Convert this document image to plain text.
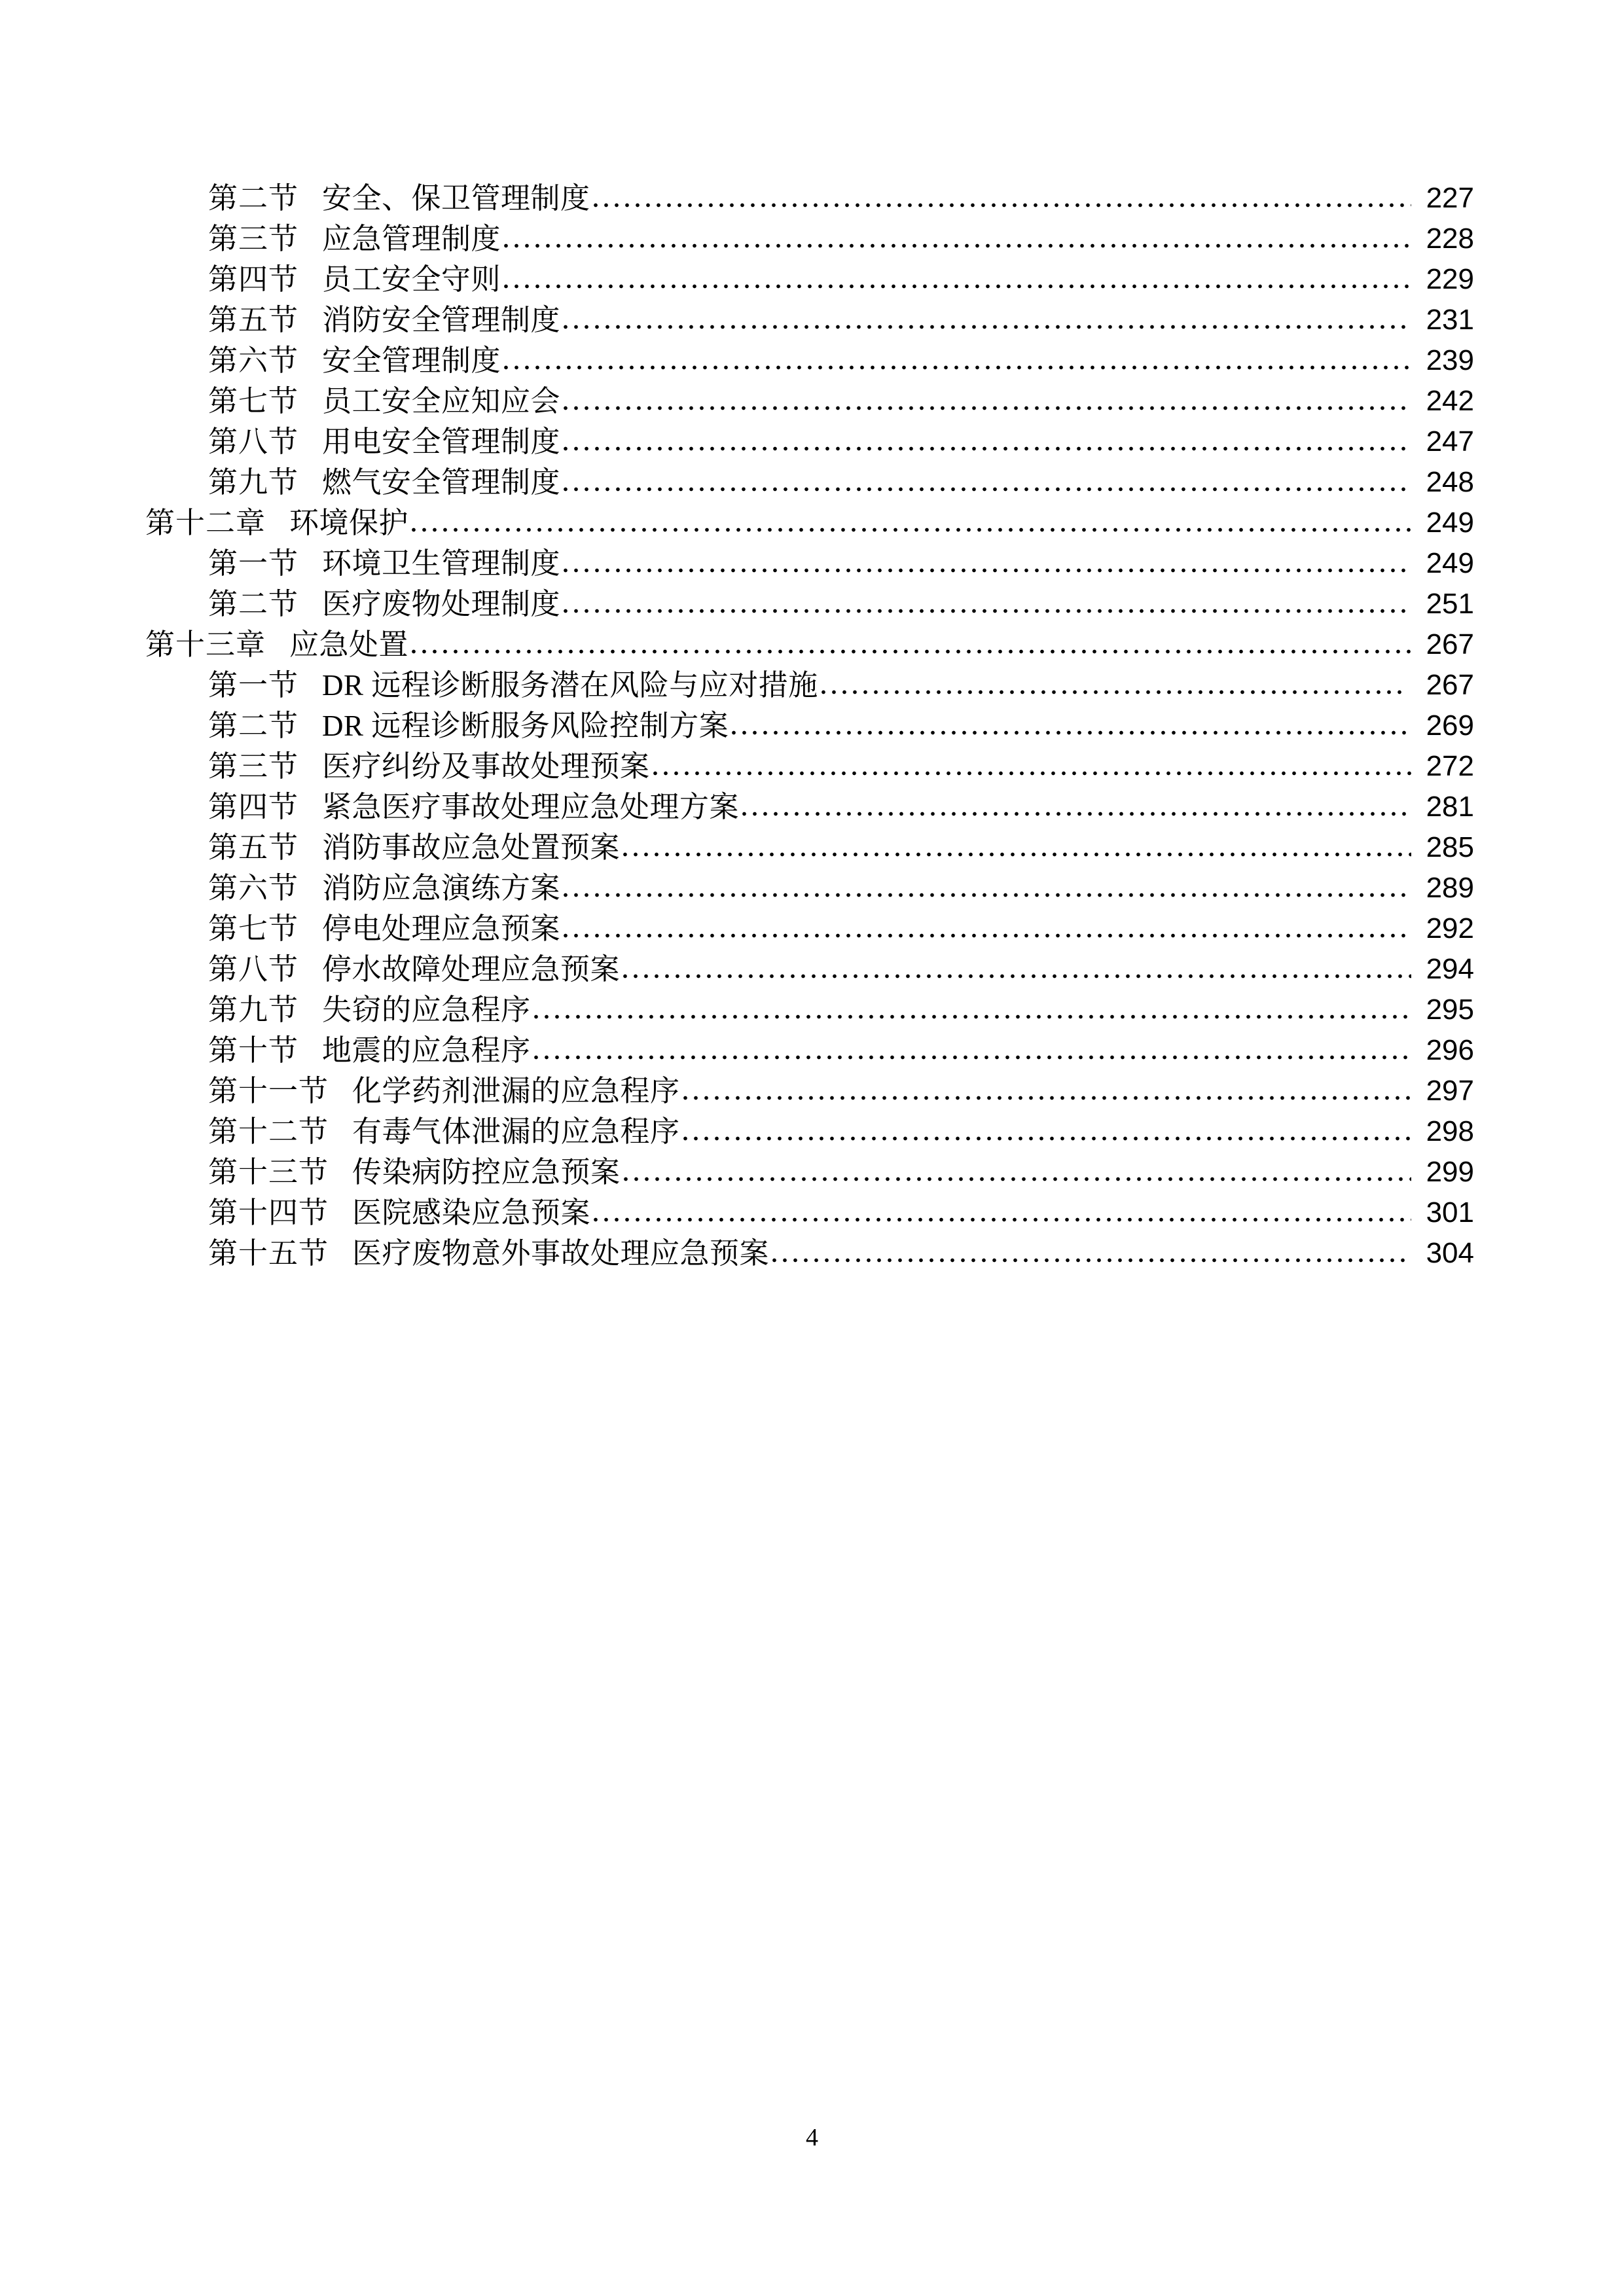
第二节 安全、保卫管理制度	227
第三节 应急管理制度	228
第四节 员工安全守则	229
第五节 消防安全管理制度	231
第六节 安全管理制度	239
第七节 员工安全应知应会	242
第八节 用电安全管理制度	247
第九节 燃气安全管理制度	248
第十二章 环境保护	249
第一节 环境卫生管理制度	249
第二节 医疗废物处理制度	251
第十三章 应急处置	267
第一节 DR 远程诊断服务潜在风险与应对措施	267
第二节 DR 远程诊断服务风险控制方案	269
第三节 医疗纠纷及事故处理预案	272
第四节 紧急医疗事故处理应急处理方案	281
第五节 消防事故应急处置预案	285
第六节 消防应急演练方案	289
第七节 停电处理应急预案	292
第八节 停水故障处理应急预案	294
第九节 失窃的应急程序	295
第十节 地震的应急程序	296
第十一节 化学药剂泄漏的应急程序	297
第十二节 有毒气体泄漏的应急程序	298
第十三节 传染病防控应急预案	299
第十四节 医院感染应急预案	301
第十五节 医疗废物意外事故处理应急预案	304
4
